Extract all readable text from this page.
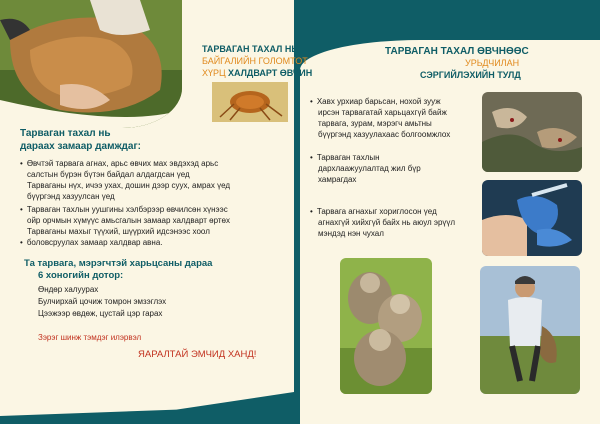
ТАРВАГАН ТАХАЛ НЬ
БАЙГАЛИЙН ГОЛОМТОТ
ХҮРЦ ХАЛДВАРТ ӨВЧИН
Тарваган тахал нь
дараах замаар дамждаг:
• Өвчтэй тарвага агнах, арьс өвчих мах эвдэхэд арьс
салстын бүрэн бүтэн байдал алдагдсан үед
Тарваганы нүх, ичээ ухах, дошин дээр суух, амрах үед
бүүргэнд хазуулсан үед
• Тарваган тахлын уушгины хэлбэрээр өвчилсөн хүнээс
ойр орчмын хүмүүс амьсгалын замаар халдварт өртөх
Тарваганы махыг түүхий, шүүрхий идсэнээс хоол
• боловсруулах замаар халдвар авна.
Та тарвага, мэрэгчтэй харьцсаны дараа
6 хоногийн дотор:
Өндөр халуурах
Булчирхай цочиж томрон эмзэглэх
Цээжээр өвдөж, цустай цэр гарах
Зэрэг шинж тэмдэг илэрвэл
ЯАРАЛТАЙ ЭМЧИД ХАНД!
ТАРВАГАН ТАХАЛ ӨВЧНӨӨС
УРЬДЧИЛАН
СЭРГИЙЛЭХИЙН ТУЛД
• Хавх урхиар барьсан, нохой зууж
ирсэн тарвагатай харьцахгүй байж
тарвага, зурам, мэрэгч амьтны
бүүргэнд хазуулахаас болгоомжлох
• Тарваган тахлын
дархлаажуулалтад жил бүр
хамрагдах
• Тарвага агнахыг хориглосон үед
агнахгүй хийхгүй байх нь аюул эрүүл
мэндэд нэн чухал
